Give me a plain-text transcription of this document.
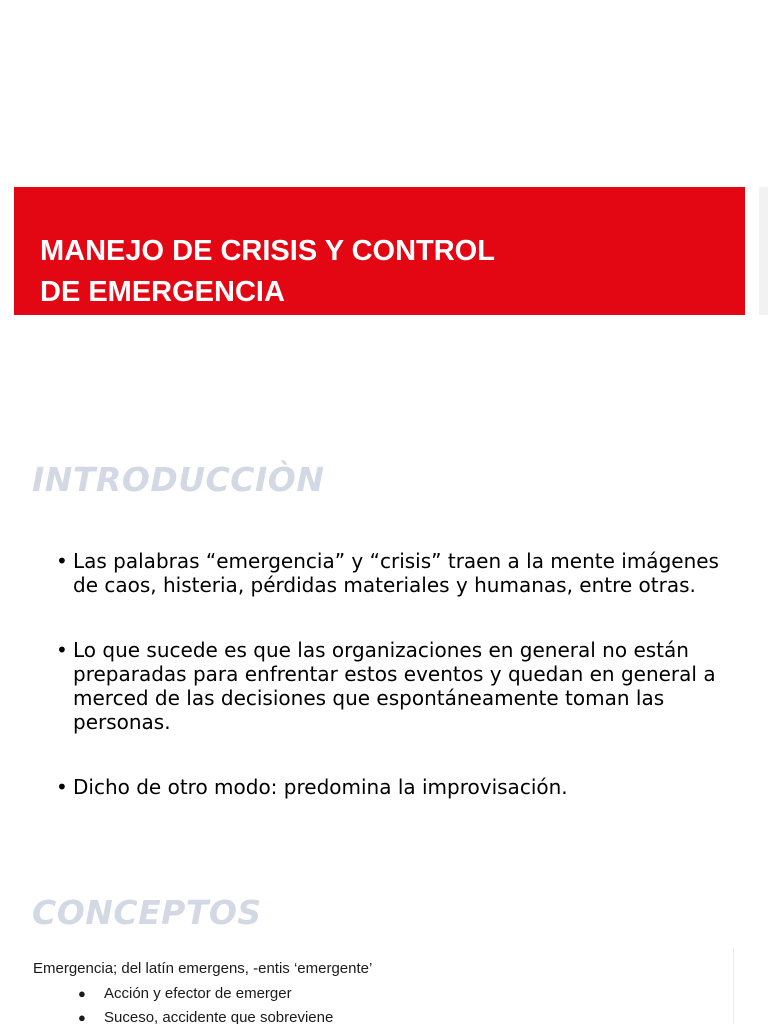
MANEJO DE CRISIS Y CONTROL
DE EMERGENCIA
INTRODUCCIÒN
• Las palabras “emergencia” y “crisis” traen a la mente imágenes de caos, histeria, pérdidas materiales y humanas, entre otras.
• Lo que sucede es que las organizaciones en general no están preparadas para enfrentar estos eventos y quedan en general a merced de las decisiones que espontáneamente toman las personas.
• Dicho de otro modo: predomina la improvisación.
CONCEPTOS

Emergencia; del latín emergens, -entis ‘emergente’

● Acción y efector de emerger
● Suceso, accidente que sobreviene
